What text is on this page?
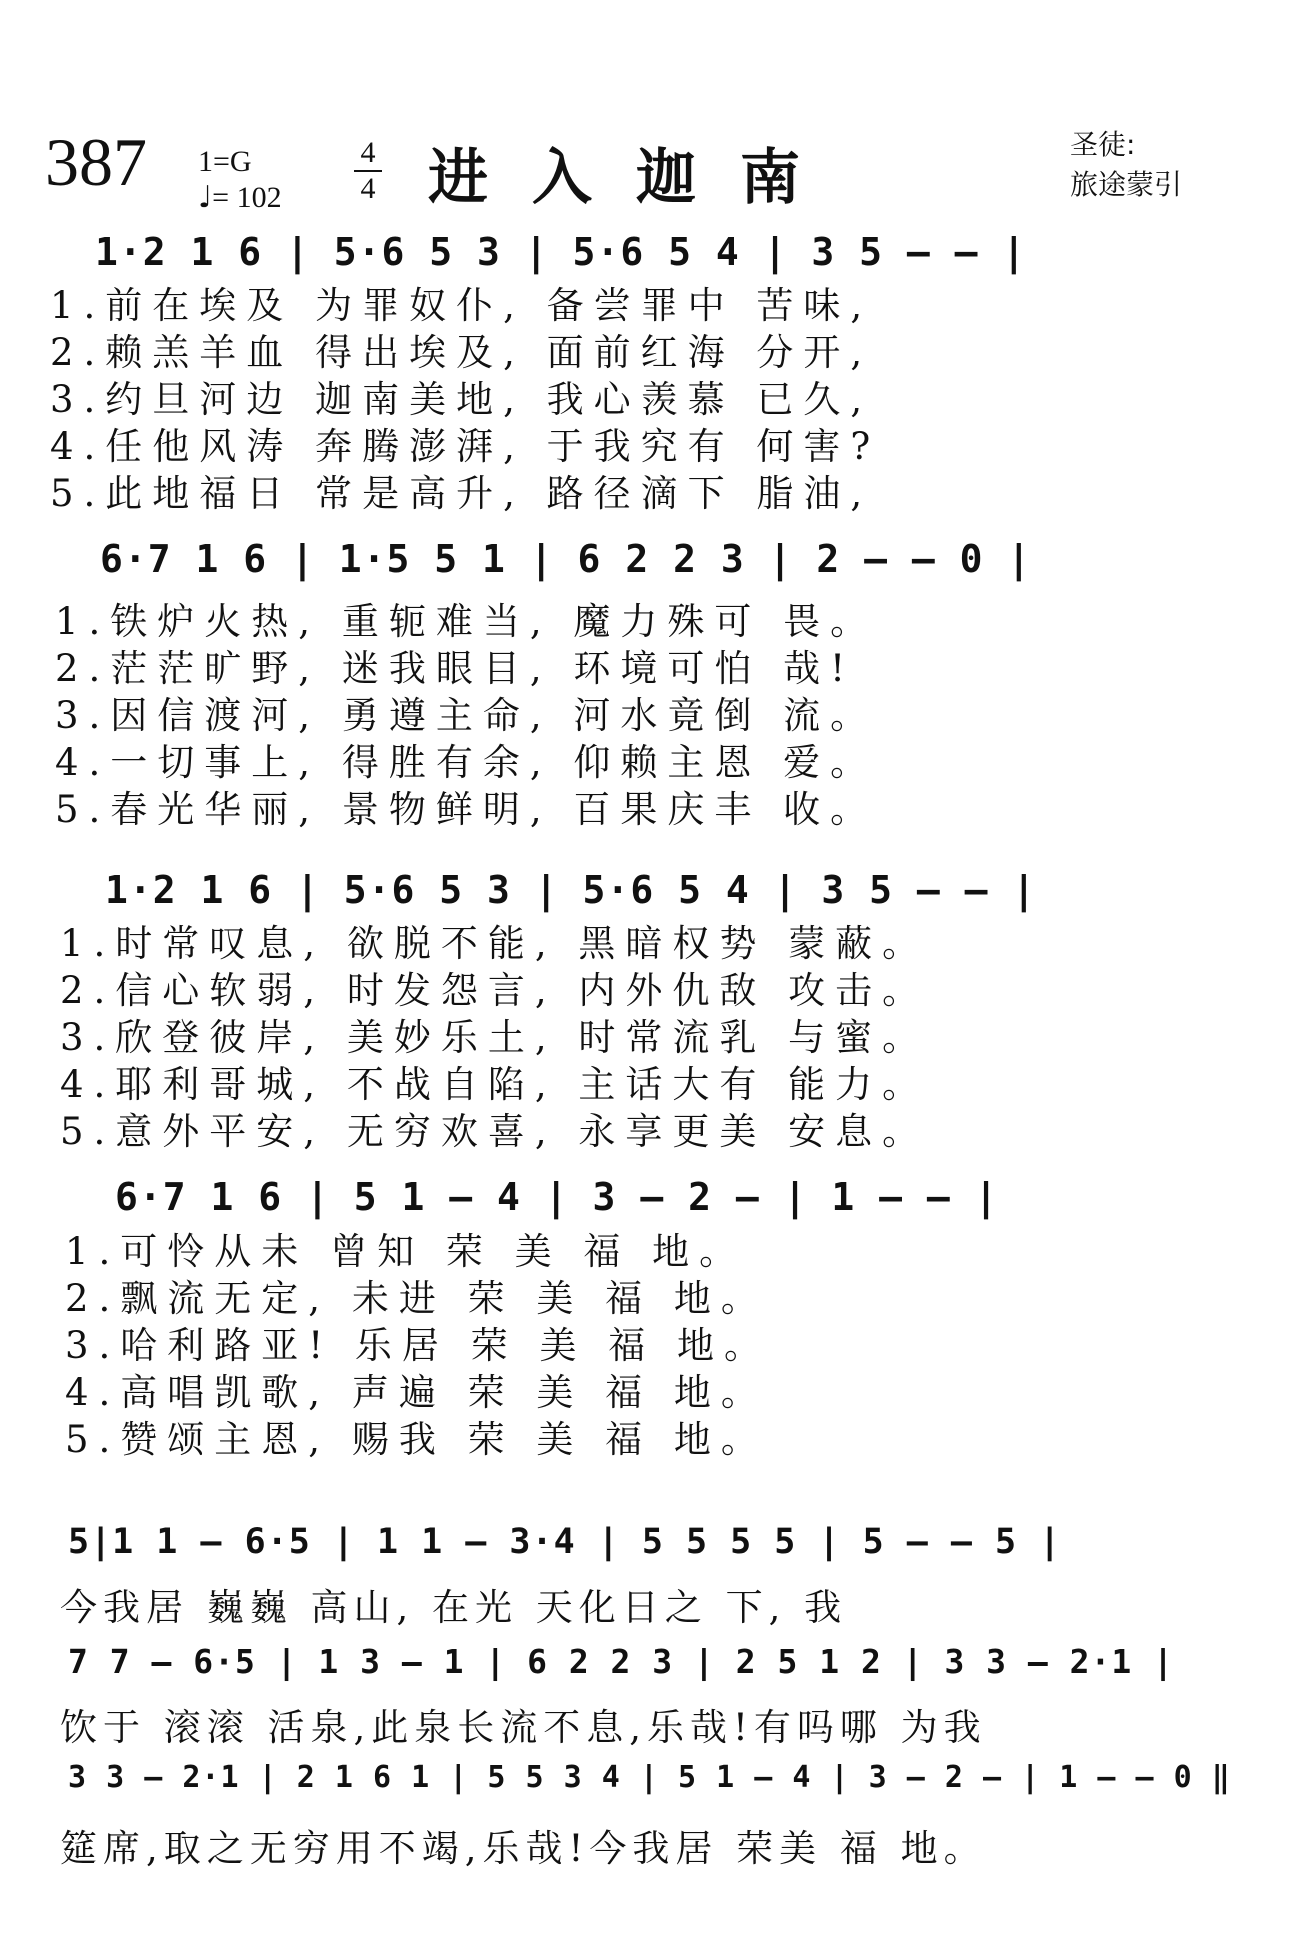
387 1=G
♩= 102
4
4 进入迦南	圣徒:
旅途蒙引
1·2 1 6 | 5·6 5 3 | 5·6 5 4 | 3 5 — — |
1.前在埃及 为罪奴仆, 备尝罪中 苦味,
2.赖羔羊血 得出埃及, 面前红海 分开,
3.约旦河边 迦南美地, 我心羡慕 已久,
4.任他风涛 奔腾澎湃, 于我究有 何害?
5.此地福日 常是高升, 路径滴下 脂油,
6·7 1 6 | 1·5 5 1 | 6 2 2 3 | 2 — — 0 |
1.铁炉火热, 重轭难当, 魔力殊可 畏。
2.茫茫旷野, 迷我眼目, 环境可怕 哉!
3.因信渡河, 勇遵主命, 河水竟倒 流。
4.一切事上, 得胜有余, 仰赖主恩 爱。
5.春光华丽, 景物鲜明, 百果庆丰 收。
1·2 1 6 | 5·6 5 3 | 5·6 5 4 | 3 5 — — |
1.时常叹息, 欲脱不能, 黑暗权势 蒙蔽。
2.信心软弱, 时发怨言, 内外仇敌 攻击。
3.欣登彼岸, 美妙乐土, 时常流乳 与蜜。
4.耶利哥城, 不战自陷, 主话大有 能力。
5.意外平安, 无穷欢喜, 永享更美 安息。
6·7 1 6 | 5 1 — 4 | 3 — 2 — | 1 — — |
1.可怜从未 曾知 荣 美 福 地。
2.飘流无定, 未进 荣 美 福 地。
3.哈利路亚! 乐居 荣 美 福 地。
4.高唱凯歌, 声遍 荣 美 福 地。
5.赞颂主恩, 赐我 荣 美 福 地。
5|1 1 — 6·5 | 1 1 — 3·4 | 5 5 5 5 | 5 — — 5 |
今我居 巍巍 高山, 在光 天化日之 下, 我
7 7 — 6·5 | 1 3 — 1 | 6 2 2 3 | 2 5 1 2 | 3 3 — 2·1 |
饮于 滚滚 活泉,此泉长流不息,乐哉!有吗哪 为我
3 3 — 2·1 | 2 1 6 1 | 5 5 3 4 | 5 1 — 4 | 3 — 2 — | 1 — — 0 ‖
筵席,取之无穷用不竭,乐哉!今我居 荣美 福 地。
